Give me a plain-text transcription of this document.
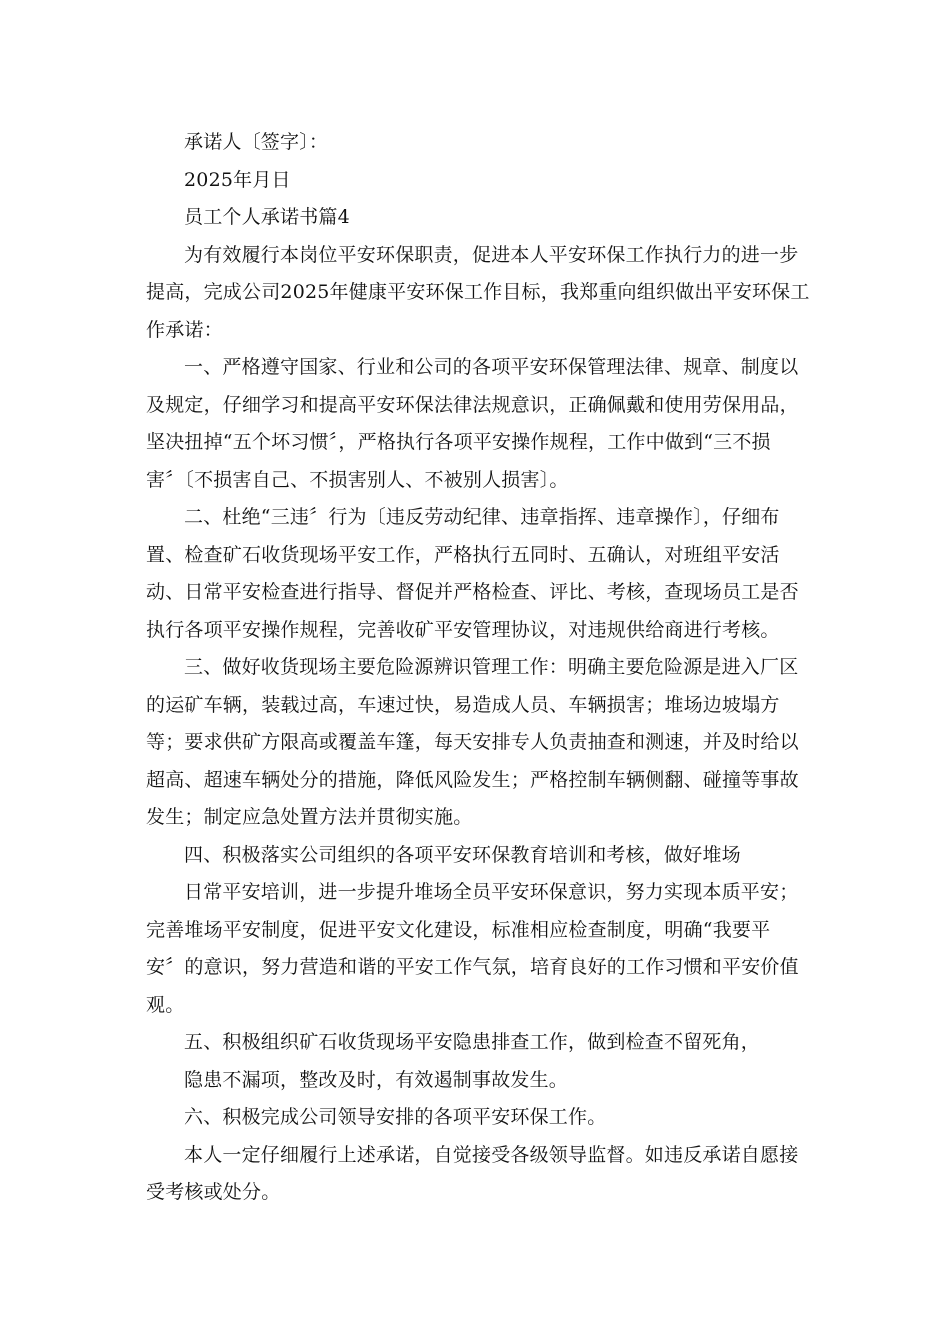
承诺人〔签字〕：
2025年月日
员工个人承诺书篇4
为有效履行本岗位平安环保职责，促进本人平安环保工作执行力的进一步
提高，完成公司2025年健康平安环保工作目标，我郑重向组织做出平安环保工
作承诺：
一、严格遵守国家、行业和公司的各项平安环保管理法律、规章、制度以
及规定，仔细学习和提高平安环保法律法规意识，正确佩戴和使用劳保用品，
坚决扭掉“五个坏习惯〞，严格执行各项平安操作规程，工作中做到“三不损
害〞〔不损害自己、不损害别人、不被别人损害〕。
二、杜绝“三违〞行为〔违反劳动纪律、违章指挥、违章操作〕，仔细布
置、检查矿石收货现场平安工作，严格执行五同时、五确认，对班组平安活
动、日常平安检查进行指导、督促并严格检查、评比、考核，查现场员工是否
执行各项平安操作规程，完善收矿平安管理协议，对违规供给商进行考核。
三、做好收货现场主要危险源辨识管理工作：明确主要危险源是进入厂区
的运矿车辆，装载过高，车速过快，易造成人员、车辆损害；堆场边坡塌方
等；要求供矿方限高或覆盖车篷，每天安排专人负责抽查和测速，并及时给以
超高、超速车辆处分的措施，降低风险发生；严格控制车辆侧翻、碰撞等事故
发生；制定应急处置方法并贯彻实施。
四、积极落实公司组织的各项平安环保教育培训和考核，做好堆场
日常平安培训，进一步提升堆场全员平安环保意识，努力实现本质平安；
完善堆场平安制度，促进平安文化建设，标准相应检查制度，明确“我要平
安〞的意识，努力营造和谐的平安工作气氛，培育良好的工作习惯和平安价值
观。
五、积极组织矿石收货现场平安隐患排查工作，做到检查不留死角，
隐患不漏项，整改及时，有效遏制事故发生。
六、积极完成公司领导安排的各项平安环保工作。
本人一定仔细履行上述承诺，自觉接受各级领导监督。如违反承诺自愿接
受考核或处分。
